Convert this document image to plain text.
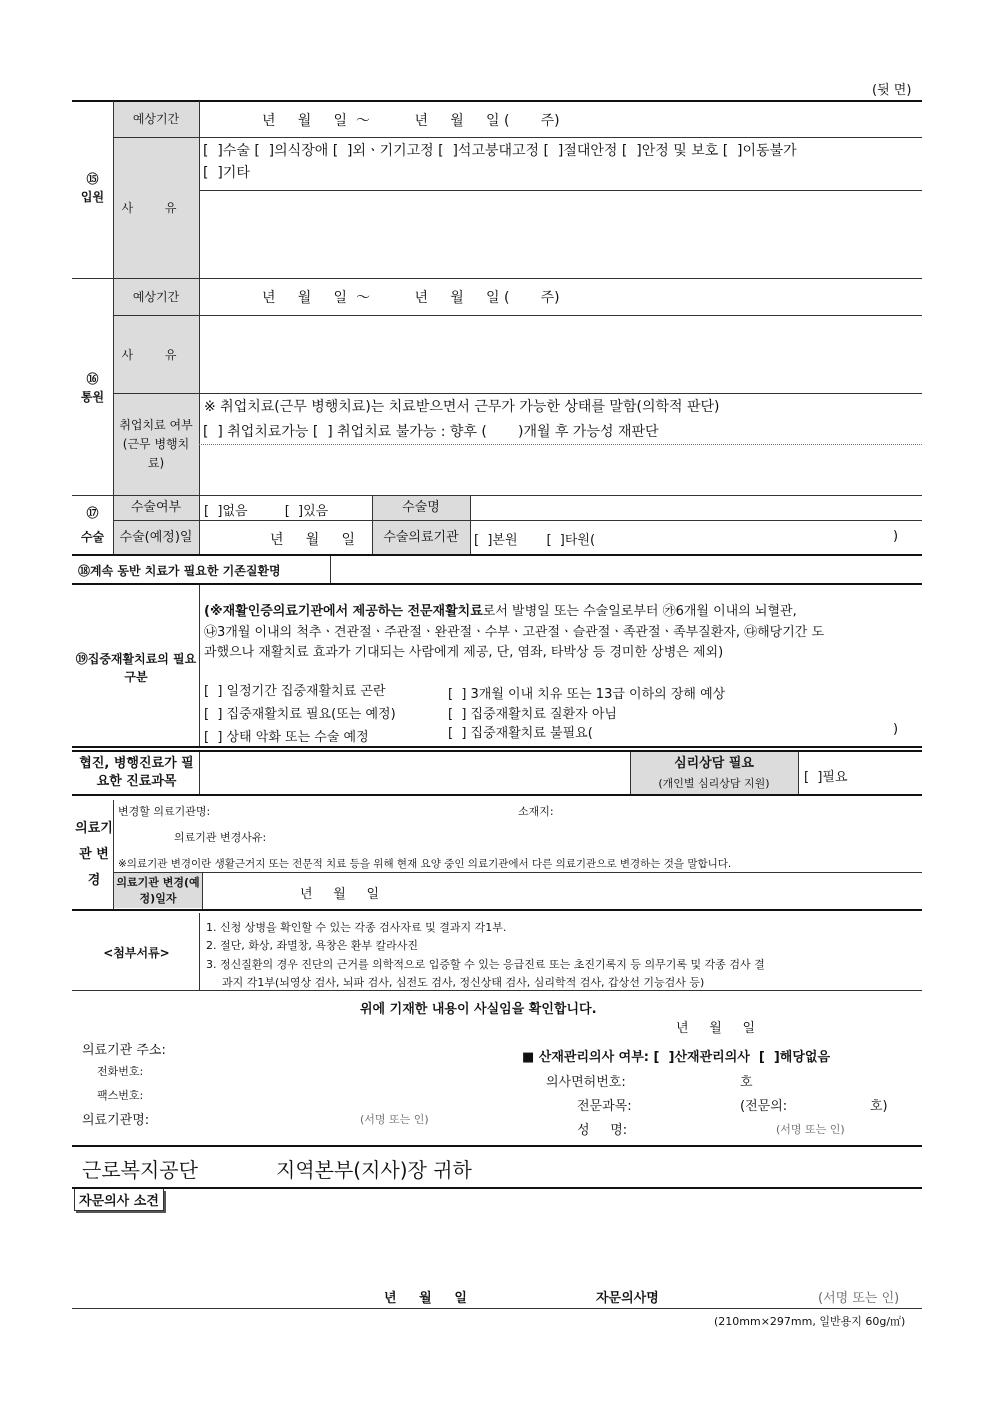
(뒷 면)
⑮
입원
예상기간	년     월     일  ～          년     월     일 (       주)
사 유
[  ]수술 [  ]의식장애 [  ]외ㆍ기기고정 [  ]석고붕대고정 [  ]절대안정 [  ]안정 및 보호 [  ]이동불가
[  ]기타
⑯
통원
예상기간	년     월     일  ～          년     월     일 (       주)
사 유
취업치료 여부(근무 병행치료)
※ 취업치료(근무 병행치료)는 치료받으면서 근무가 가능한 상태를 말함(의학적 판단)
[  ] 취업치료가능 [  ] 취업치료 불가능 : 향후 (       )개월 후 가능성 재판단
⑰
수술
수술여부	[  ]없음         [  ]있음	수술명
수술(예정)일	년     월     일	수술의료기관	[  ]본원       [  ]타원(	)
⑱계속 동반 치료가 필요한 기존질환명
⑲집중재활치료의 필요 구분
(※재활인증의료기관에서 제공하는 전문재활치료로서 발병일 또는 수술일로부터 ㉮6개월 이내의 뇌혈관,
㉯3개월 이내의 척추ㆍ견관절ㆍ주관절ㆍ완관절ㆍ수부ㆍ고관절ㆍ슬관절ㆍ족관절ㆍ족부질환자, ㉰해당기간 도
과했으나 재활치료 효과가 기대되는 사람에게 제공, 단, 염좌, 타박상 등 경미한 상병은 제외)
[  ] 일정기간 집중재활치료 곤란
[  ] 집중재활치료 필요(또는 예정)
[  ] 상태 악화 또는 수술 예정
[  ] 3개월 이내 치유 또는 13급 이하의 장해 예상
[  ] 집중재활치료 질환자 아님
[  ] 집중재활치료 불필요(	)
협진, 병행진료가 필요한 진료과목
심리상담 필요
(개인별 심리상담 지원)	[  ]필요
의료기관 변경
변경할 의료기관명:	소재지:
의료기관 변경사유:
※의료기관 변경이란 생활근거지 또는 전문적 치료 등을 위해 현재 요양 중인 의료기관에서 다른 의료기관으로 변경하는 것을 말합니다.
의료기관 변경(예정)일자	년     월     일
<첨부서류>
1. 신청 상병을 확인할 수 있는 각종 검사자료 및 결과지 각1부.
2. 절단, 화상, 좌멸창, 욕창은 환부 칼라사진
3. 정신질환의 경우 진단의 근거를 의학적으로 입증할 수 있는 응급진료 또는 초진기록지 등 의무기록 및 각종 검사 결
과지 각1부(뇌영상 검사, 뇌파 검사, 심전도 검사, 정신상태 검사, 심리학적 검사, 갑상선 기능검사 등)
위에 기재한 내용이 사실임을 확인합니다.
년     월     일
의료기관 주소:
전화번호:
팩스번호:
의료기관명:	(서명 또는 인)
■ 산재관리의사 여부: [  ]산재관리의사  [  ]해당없음
의사면허번호:	호
전문과목:	(전문의:	호)
성     명:	(서명 또는 인)
근로복지공단	지역본부(지사)장 귀하
자문의사 소견
년     월     일	자문의사명	(서명 또는 인)
(210mm×297mm, 일반용지 60g/㎡)
